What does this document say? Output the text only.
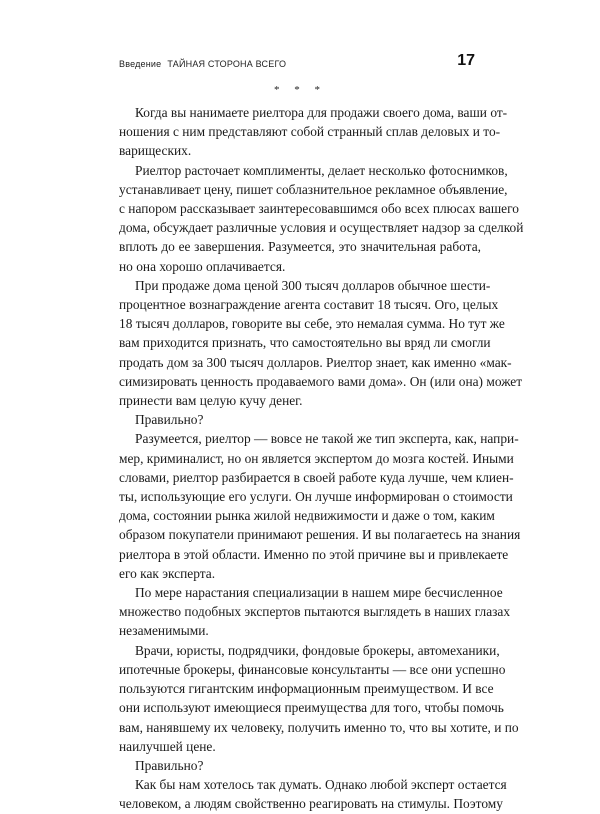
Введение ТАЙНАЯ СТОРОНА ВСЕГО	17
* * *
Когда вы нанимаете риелтора для продажи своего дома, ваши от-
ношения с ним представляют собой странный сплав деловых и то-
варищеских.
Риелтор расточает комплименты, делает несколько фотоснимков,
устанавливает цену, пишет соблазнительное рекламное объявление,
с напором рассказывает заинтересовавшимся обо всех плюсах вашего
дома, обсуждает различные условия и осуществляет надзор за сделкой
вплоть до ее завершения. Разумеется, это значительная работа,
но она хорошо оплачивается.
При продаже дома ценой 300 тысяч долларов обычное шести-
процентное вознаграждение агента составит 18 тысяч. Ого, целых
18 тысяч долларов, говорите вы себе, это немалая сумма. Но тут же
вам приходится признать, что самостоятельно вы вряд ли смогли
продать дом за 300 тысяч долларов. Риелтор знает, как именно «мак-
симизировать ценность продаваемого вами дома». Он (или она) может
принести вам целую кучу денег.
Правильно?
Разумеется, риелтор — вовсе не такой же тип эксперта, как, напри-
мер, криминалист, но он является экспертом до мозга костей. Иными
словами, риелтор разбирается в своей работе куда лучше, чем клиен-
ты, использующие его услуги. Он лучше информирован о стоимости
дома, состоянии рынка жилой недвижимости и даже о том, каким
образом покупатели принимают решения. И вы полагаетесь на знания
риелтора в этой области. Именно по этой причине вы и привлекаете
его как эксперта.
По мере нарастания специализации в нашем мире бесчисленное
множество подобных экспертов пытаются выглядеть в наших глазах
незаменимыми.
Врачи, юристы, подрядчики, фондовые брокеры, автомеханики,
ипотечные брокеры, финансовые консультанты — все они успешно
пользуются гигантским информационным преимуществом. И все
они используют имеющиеся преимущества для того, чтобы помочь
вам, нанявшему их человеку, получить именно то, что вы хотите, и по
наилучшей цене.
Правильно?
Как бы нам хотелось так думать. Однако любой эксперт остается
человеком, а людям свойственно реагировать на стимулы. Поэтому
